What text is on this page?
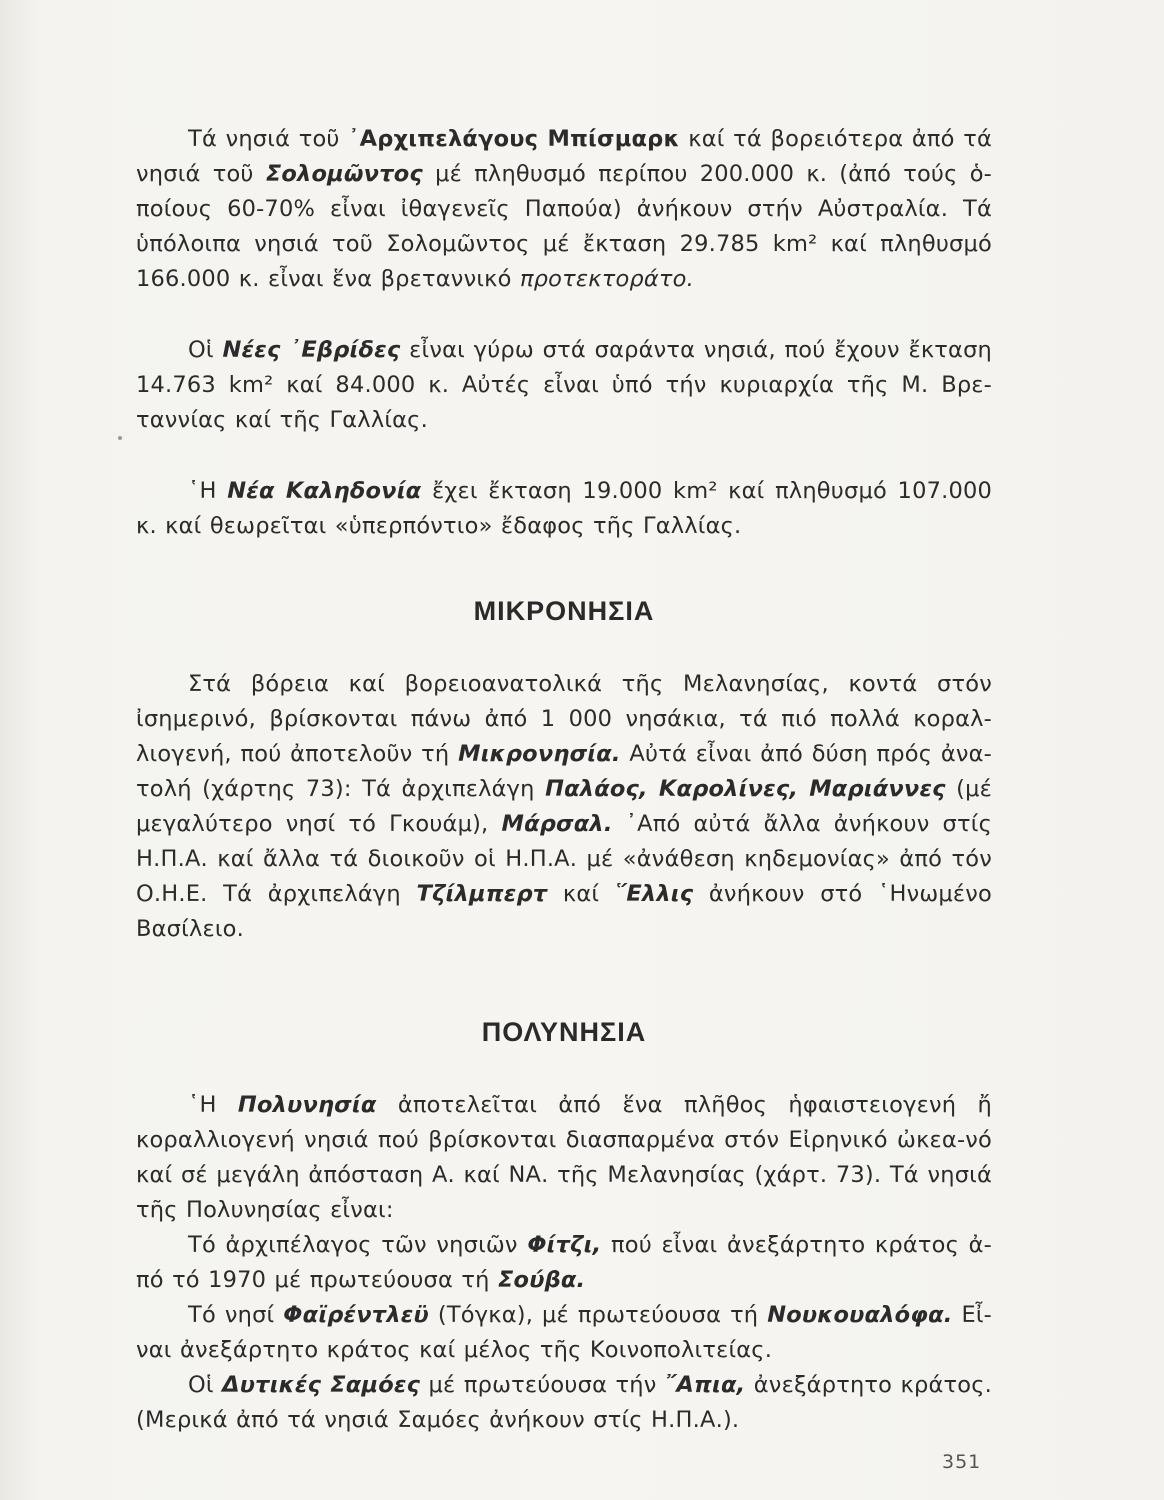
Τά νησιά τοῦ ᾿Αρχιπελάγους Μπίσμαρκ καί τά βορειότερα ἀπό τά νησιά τοῦ Σολομῶντος μέ πληθυσμό περίπου 200.000 κ. (ἀπό τούς ὁ-ποίους 60-70% εἶναι ἰθαγενεῖς Παπούα) ἀνήκουν στήν Αὐστραλία. Τά ὑπόλοιπα νησιά τοῦ Σολομῶντος μέ ἔκταση 29.785 km² καί πληθυσμό 166.000 κ. εἶναι ἕνα βρεταννικό προτεκτοράτο.

Οἱ Νέες ᾿Εβρίδες εἶναι γύρω στά σαράντα νησιά, πού ἔχουν ἔκταση 14.763 km² καί 84.000 κ. Αὐτές εἶναι ὑπό τήν κυριαρχία τῆς Μ. Βρε-ταννίας καί τῆς Γαλλίας.

῾Η Νέα Καληδονία ἔχει ἔκταση 19.000 km² καί πληθυσμό 107.000 κ. καί θεωρεῖται «ὑπερπόντιο» ἔδαφος τῆς Γαλλίας.

ΜΙΚΡΟΝΗΣΙΑ

Στά βόρεια καί βορειοανατολικά τῆς Μελανησίας, κοντά στόν ἰσημερινό, βρίσκονται πάνω ἀπό 1 000 νησάκια, τά πιό πολλά κοραλ-λιογενή, πού ἀποτελοῦν τή Μικρονησία. Αὐτά εἶναι ἀπό δύση πρός ἀνα-τολή (χάρτης 73): Τά ἀρχιπελάγη Παλάος, Καρολίνες, Μαριάννες (μέ μεγαλύτερο νησί τό Γκουάμ), Μάρσαλ. ᾿Από αὐτά ἄλλα ἀνήκουν στίς Η.Π.Α. καί ἄλλα τά διοικοῦν οἱ Η.Π.Α. μέ «ἀνάθεση κηδεμονίας» ἀπό τόν Ο.Η.Ε. Τά ἀρχιπελάγη Τζίλμπερτ καί ῞Ελλις ἀνήκουν στό ῾Ηνωμένο Βασίλειο.

ΠΟΛΥΝΗΣΙΑ

῾Η Πολυνησία ἀποτελεῖται ἀπό ἕνα πλῆθος ἡφαιστειογενή ἤ κοραλλιογενή νησιά πού βρίσκονται διασπαρμένα στόν Εἰρηνικό ὠκεα-νό καί σέ μεγάλη ἀπόσταση Α. καί ΝΑ. τῆς Μελανησίας (χάρτ. 73). Τά νησιά τῆς Πολυνησίας εἶναι:

Τό ἀρχιπέλαγος τῶν νησιῶν Φίτζι, πού εἶναι ἀνεξάρτητο κράτος ἀ-πό τό 1970 μέ πρωτεύουσα τή Σούβα.

Τό νησί Φαϊρέντλεϋ (Τόγκα), μέ πρωτεύουσα τή Νουκουαλόφα. Εἶ-ναι ἀνεξάρτητο κράτος καί μέλος τῆς Κοινοπολιτείας.

Οἱ Δυτικές Σαμόες μέ πρωτεύουσα τήν ῎Απια, ἀνεξάρτητο κράτος. (Μερικά ἀπό τά νησιά Σαμόες ἀνήκουν στίς Η.Π.Α.).

351
